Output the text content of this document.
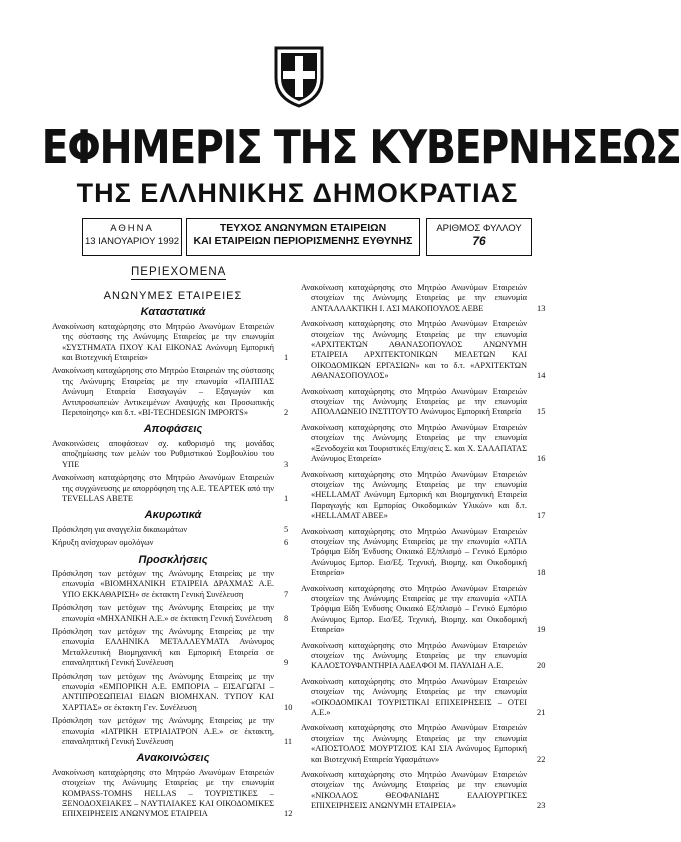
ΕΦΗΜΕΡΙΣ ΤΗΣ ΚΥΒΕΡΝΗΣΕΩΣ
ΤΗΣ ΕΛΛΗΝΙΚΗΣ ΔΗΜΟΚΡΑΤΙΑΣ
ΑΘΗΝΑ
13 ΙΑΝΟΥΑΡΙΟΥ 1992
ΤΕΥΧΟΣ ΑΝΩΝΥΜΩΝ ΕΤΑΙΡΕΙΩΝ
ΚΑΙ ΕΤΑΙΡΕΙΩΝ ΠΕΡΙΟΡΙΣΜΕΝΗΣ ΕΥΘΥΝΗΣ
ΑΡΙΘΜΟΣ ΦΥΛΛΟΥ
76
ΠΕΡΙΕΧΟΜΕΝΑ
ΑΝΩΝΥΜΕΣ ΕΤΑΙΡΕΙΕΣ
Καταστατικά
Ανακοίνωση καταχώρησης στο Μητρώο Ανωνύμων Εταιρειών της σύστασης της Ανώνυμης Εταιρείας με την επωνυμία «ΣΥΣΤΗΜΑΤΑ ΠΧΟΥ ΚΑΙ ΕΙΚΟΝΑΣ Ανώνυμη Εμπορική και Βιοτεχνική Εταιρεία»	1
Ανακοίνωση καταχώρησης στο Μητρώο Εταιρειών της σύστασης της Ανώνυμης Εταιρείας με την επωνυμία «ΠΑΠΠΑΣ Ανώνυμη Εταιρεία Εισαγωγών – Εξαγωγών και Αντιπροσωπειών Αντικειμένων Αναψυχής και Προσωπικής Περιποίησης» και δ.τ. «BI-TECHDESIGN IMPORTS»	2
Αποφάσεις
Ανακοινώσεις αποφάσεων σχ. καθορισμό της μονάδας αποζημίωσης των μελών του Ρυθμιστικού Συμβουλίου του ΥΠΕ	3
Ανακοίνωση καταχώρησης στο Μητρώο Ανωνύμων Εταιρειών της συγχώνευσης με απορρόφηση της Α.Ε. TEAPTEK από την TEVELLAS ABETE	1
Ακυρωτικά
Πρόσκληση για αναγγελία δικαιωμάτων	5
Κήρυξη ανίσχυρων ομολόγων	6
Προσκλήσεις
Πρόσκληση των μετόχων της Ανώνυμης Εταιρείας με την επωνυμία «ΒΙΟΜΗΧΑΝΙΚΗ ΕΤΑΙΡΕΙΑ ΔΡΑΧΜΑΣ Α.Ε. ΥΠΟ ΕΚΚΑΘΑΡΙΣΗ» σε έκτακτη Γενική Συνέλευση	7
Πρόσκληση των μετόχων της Ανώνυμης Εταιρείας με την επωνυμία «ΜΗΧΑΝΙΚΗ Α.Ε.» σε έκτακτη Γενική Συνέλευση 8
Πρόσκληση των μετόχων της Ανώνυμης Εταιρείας με την επωνυμία ΕΛΛΗΝΙΚΑ ΜΕΤΑΛΛΕΥΜΑΤΑ Ανώνυμος Μεταλλευτική Βιομηχανική και Εμπορική Εταιρεία σε επαναληπτική Γενική Συνέλευση	9
Πρόσκληση των μετόχων της Ανώνυμης Εταιρείας με την επωνυμία «ΕΜΠΟΡΙΚΗ Α.Ε. ΕΜΠΟΡΙΑ – ΕΙΣΑΓΩΓΑΙ – ΑΝΤΙΠΡΟΣΩΠΕΙΑΙ ΕΙΔΩΝ ΒΙΟΜΗΧΑΝ. ΤΥΠΟΥ ΚΑΙ ΧΑΡΤΙΑΣ» σε έκτακτη Γεν. Συνέλευση	10
Πρόσκληση των μετόχων της Ανώνυμης Εταιρείας με την επωνυμία «ΙΑΤΡΙΚΗ ΕΤΡΙΑΙΑΤΡΟΝ Α.Ε.» σε έκτακτη, επαναληπτική Γενική Συνέλευση	11
Ανακοινώσεις
Ανακοίνωση καταχώρησης στο Μητρώο Ανωνύμων Εταιρειών στοιχείων της Ανώνυμης Εταιρείας με την επωνυμία ΚΟΜPASS-TOMHS HELLAS – ΤΟΥΡΙΣΤΙΚΕΣ – ΞΕΝΟΔΟΧΕΙΑΚΕΣ – ΝΑΥΤΙΛΙΑΚΕΣ ΚΑΙ ΟΙΚΟΔΟΜΙΚΕΣ ΕΠΙΧΕΙΡΗΣΕΙΣ ΑΝΩΝΥΜΟΣ ΕΤΑΙΡΕΙΑ	12
Ανακοίνωση καταχώρησης στο Μητρώο Ανωνύμων Εταιρειών στοιχείων της Ανώνυμης Εταιρείας με την επωνυμία ΑΝΤΑΛΛΑΚΤΙΚΗ Ι. ΑΣΙ ΜΑΚΟΠΟΥΛΟΣ ΑΕΒΕ	13
Ανακοίνωση καταχώρησης στο Μητρώο Ανωνύμων Εταιρειών στοιχείων της Ανώνυμης Εταιρείας με την επωνυμία «ΑΡΧΙΤΕΚΤΩΝ ΑΘΑΝΑΣΟΠΟΥΛΟΣ ΑΝΩΝΥΜΗ ΕΤΑΙΡΕΙΑ ΑΡΧΙΤΕΚΤΟΝΙΚΩΝ ΜΕΛΕΤΩΝ ΚΑΙ ΟΙΚΟΔΟΜΙΚΩΝ ΕΡΓΑΣΙΩΝ» και το δ.τ. «ΑΡΧΙΤΕΚΤΩΝ ΑΘΑΝΑΣΟΠΟΥΛΟΣ»	14
Ανακοίνωση καταχώρησης στο Μητρώο Ανωνύμων Εταιρειών στοιχείων της Ανώνυμης Εταιρείας με την επωνυμία ΑΠΟΛΛΩΝΕΙΟ ΙΝΣΤΙΤΟΥΤΟ Ανώνυμος Εμπορική Εταιρεία 15
Ανακοίνωση καταχώρησης στο Μητρώο Ανωνύμων Εταιρειών στοιχείων της Ανώνυμης Εταιρείας με την επωνυμία «Ξενοδοχεία και Τουριστικές Επιχ/σεις Σ. και Χ. ΣΑΛΑΠΑΤΑΣ Ανώνυμος Εταιρεία»	16
Ανακοίνωση καταχώρησης στο Μητρώο Ανωνύμων Εταιρειών στοιχείων της Ανώνυμης Εταιρείας με την επωνυμία «HELLAMAT Ανώνυμη Εμπορική και Βιομηχανική Εταιρεία Παραγωγής και Εμπορίας Οικοδομικών Υλικών» και δ.τ. «HELLAMAT ABEE»	17
Ανακοίνωση καταχώρησης στο Μητρώο Ανωνύμων Εταιρειών στοιχείων της Ανώνυμης Εταιρείας με την επωνυμία «ΑΤΙΑ Τρόφιμα Είδη Ένδυσης Οικιακό Εξ/πλισμό – Γενικό Εμπόριο Ανώνυμος Εμπορ. Εισ/Εξ. Τεχνική, Βιομηχ. και Οικοδομική Εταιρεία»	18
Ανακοίνωση καταχώρησης στο Μητρώο Ανωνύμων Εταιρειών στοιχείων της Ανώνυμης Εταιρείας με την επωνυμία «ΑΤΙΑ Τρόφιμα Είδη Ένδυσης Οικιακό Εξ/πλισμό – Γενικό Εμπόριο Ανώνυμος Εμπορ. Εισ/Εξ. Τεχνική, Βιομηχ. και Οικοδομική Εταιρεία»	19
Ανακοίνωση καταχώρησης στο Μητρώο Ανωνύμων Εταιρειών στοιχείων της Ανώνυμης Εταιρείας με την επωνυμία ΚΑΛΟΣΤΟΥΦΑΝΤΗΡΙΑ ΑΔΕΛΦΟΙ Μ. ΠΑΥΛΙΔΗ Α.Ε.	20
Ανακοίνωση καταχώρησης στο Μητρώο Ανωνύμων Εταιρειών στοιχείων της Ανώνυμης Εταιρείας με την επωνυμία «ΟΙΚΟΔΟΜΙΚΑΙ ΤΟΥΡΙΣΤΙΚΑΙ ΕΠΙΧΕΙΡΗΣΕΙΣ – ΟΤΕΙ Α.Ε.»	21
Ανακοίνωση καταχώρησης στο Μητρώο Ανωνύμων Εταιρειών στοιχείων της Ανώνυμης Εταιρείας με την επωνυμία «ΑΠΟΣΤΟΛΟΣ ΜΟΥΡΤΖΙΟΣ ΚΑΙ ΣΙΑ Ανώνυμος Εμπορική και Βιοτεχνική Εταιρεία Υφασμάτων»	22
Ανακοίνωση καταχώρησης στο Μητρώο Ανωνύμων Εταιρειών στοιχείων της Ανώνυμης Εταιρείας με την επωνυμία «ΝΙΚΟΛΑΟΣ ΘΕΟΦΑΝΙΔΗΣ ΕΛΑΙΟΥΡΓΙΚΕΣ ΕΠΙΧΕΙΡΗΣΕΙΣ ΑΝΩΝΥΜΗ ΕΤΑΙΡΕΙΑ»	23
